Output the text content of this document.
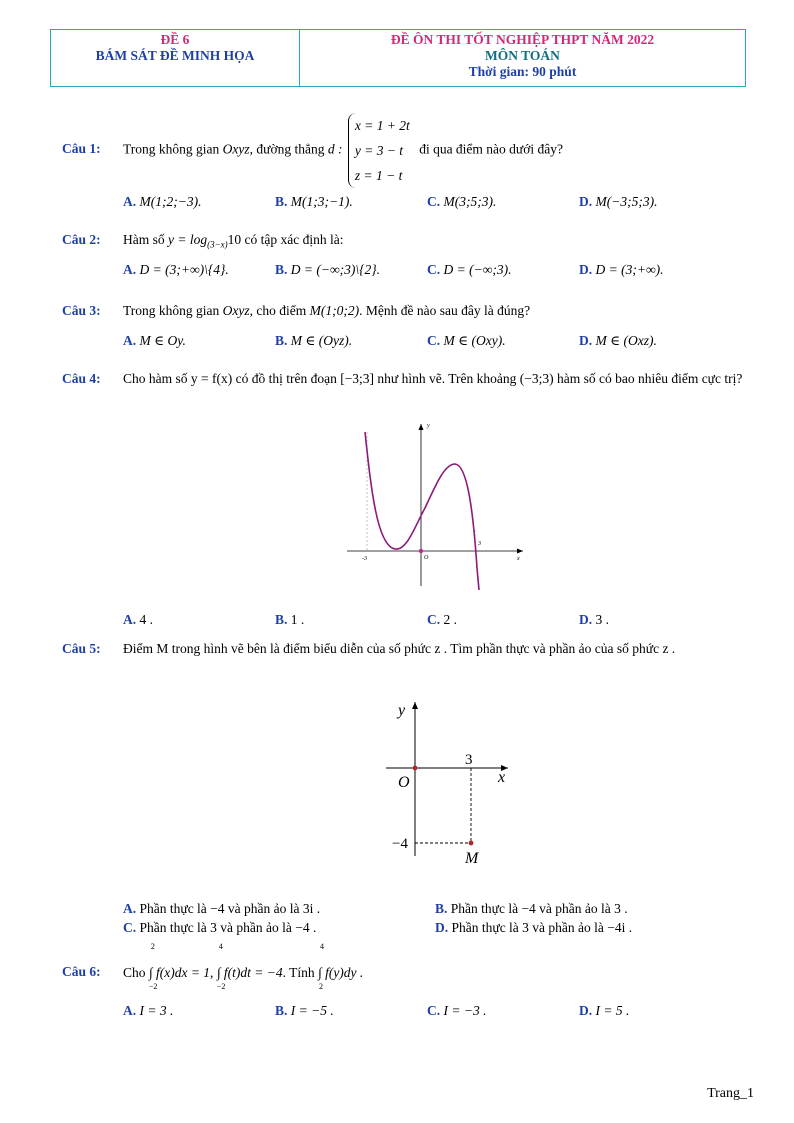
ĐỀ 6
BÁM SÁT ĐỀ MINH HỌA
ĐỀ ÔN THI TỐT NGHIỆP THPT NĂM 2022
MÔN TOÁN
Thời gian: 90 phút
Câu 1: Trong không gian Oxyz, đường thẳng d :
x = 1 + 2t
y = 3 − t
z = 1 − t
đi qua điểm nào dưới đây?
A. M(1;2;−3).	B. M(1;3;−1).	C. M(3;5;3).	D. M(−3;5;3).
Câu 2: Hàm số $y = \log_{(3-x)}10$ có tập xác định là:
A. D = (3;+∞)\{4}.	B. D = (−∞;3)\{2}.	C. D = (−∞;3).	D. D = (3;+∞).
Câu 3: Trong không gian Oxyz, cho điểm M(1;0;2). Mệnh đề nào sau đây là đúng?
A. M ∈ Oy.	B. M ∈ (Oyz).	C. M ∈ (Oxy).	D. M ∈ (Oxz).
Câu 4: Cho hàm số y = f(x) có đồ thị trên đoạn [−3;3] như hình vẽ. Trên khoảng (−3;3) hàm số có bao nhiêu điểm cực trị?
y
x
O
-3
3
A. 4 .	B. 1 .	C. 2 .	D. 3 .
Câu 5: Điểm M trong hình vẽ bên là điểm biểu diễn của số phức z . Tìm phần thực và phần ảo của số phức z .
y
x
O
3
−4
M
A. Phần thực là −4 và phần ảo là 3i .	B. Phần thực là −4 và phần ảo là 3 .
C. Phần thực là 3 và phần ảo là −4 .	D. Phần thực là 3 và phần ảo là −4i .
Câu 6: Cho
2
−2
∫ f(x)dx = 1,
4
−2
∫ f(t)dt = −4. Tính
4
2
∫ f(y)dy .
A. I = 3 .	B. I = −5 .	C. I = −3 .	D. I = 5 .
Trang_1
